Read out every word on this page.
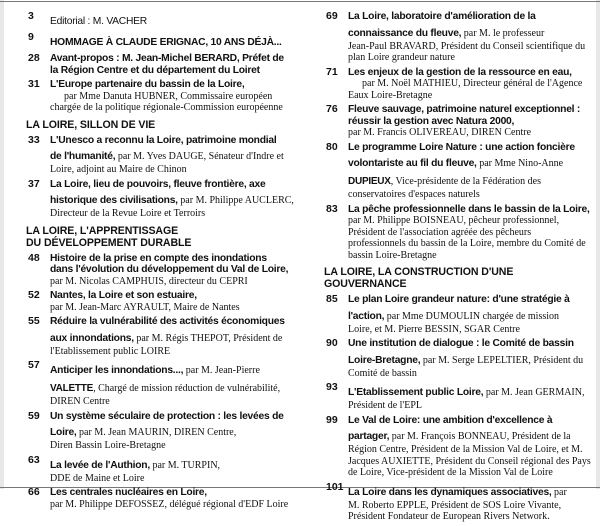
3	Editorial : M. VACHER
9	HOMMAGE À CLAUDE ERIGNAC, 10 ANS DÉJÀ...
28	Avant-propos : M. Jean-Michel BERARD, Préfet de
la Région Centre et du département du Loiret
31	L'Europe partenaire du bassin de la Loire,
par Mme Danuta HUBNER, Commissaire européen
chargée de la politique régionale-Commission européenne
LA LOIRE, SILLON DE VIE
33	L'Unesco a reconnu la Loire, patrimoine mondial
de l'humanité, par M. Yves DAUGE, Sénateur d'Indre et
Loire, adjoint au Maire de Chinon
37	La Loire, lieu de pouvoirs, fleuve frontière, axe
historique des civilisations, par M. Philippe AUCLERC,
Directeur de la Revue Loire et Terroirs
LA LOIRE, L'APPRENTISSAGE
DU DÉVELOPPEMENT DURABLE
48	Histoire de la prise en compte des inondations
dans l'évolution du développement du Val de Loire,
par M. Nicolas CAMPHUIS, directeur du CEPRI
52	Nantes, la Loire et son estuaire,
par M. Jean-Marc AYRAULT, Maire de Nantes
55	Réduire la vulnérabilité des activités économiques
aux innondations, par M. Régis THEPOT, Président de
l'Etablissement public LOIRE
57	Anticiper les innondations..., par M. Jean-Pierre
VALETTE, Chargé de mission réduction de vulnérabilité,
DIREN Centre
59	Un système séculaire de protection : les levées de
Loire, par M. Jean MAURIN, DIREN Centre,
Diren Bassin Loire-Bretagne
63	La levée de l'Authion, par M. TURPIN,
DDE de Maine et Loire
66	Les centrales nucléaires en Loire,
par M. Philippe DEFOSSEZ, délégué régional d'EDF Loire
69	La Loire, laboratoire d'amélioration de la
connaissance du fleuve, par M. le professeur
Jean-Paul BRAVARD, Président du Conseil scientifique du
plan Loire grandeur nature
71	Les enjeux de la gestion de la ressource en eau,
par M. Noël MATHIEU, Directeur général de l'Agence
Eaux Loire-Bretagne
76	Fleuve sauvage, patrimoine naturel exceptionnel :
réussir la gestion avec Natura 2000,
par M. Francis OLIVEREAU, DIREN Centre
80	Le programme Loire Nature : une action foncière
volontariste au fil du fleuve, par Mme Nino-Anne
DUPIEUX, Vice-présidente de la Fédération des
conservatoires d'espaces naturels
83	La pêche professionnelle dans le bassin de la Loire,
par M. Philippe BOISNEAU, pêcheur professionnel,
Président de l'association agréée des pêcheurs
professionnels du bassin de la Loire, membre du Comité de
bassin Loire-Bretagne
LA LOIRE, LA CONSTRUCTION D'UNE GOUVERNANCE
85	Le plan Loire grandeur nature: d'une stratégie à
l'action, par Mme DUMOULIN chargée de mission
Loire, et M. Pierre BESSIN, SGAR Centre
90	Une institution de dialogue : le Comité de bassin
Loire-Bretagne, par M. Serge LEPELTIER, Président du
Comité de bassin
93	L'Etablissement public Loire, par M. Jean GERMAIN,
Président de l'EPL
99	Le Val de Loire: une ambition d'excellence à
partager, par M. François BONNEAU, Président de la
Région Centre, Président de la Mission Val de Loire, et M.
Jacques AUXIETTE, Président du Conseil régional des Pays
de Loire, Vice-président de la Mission Val de Loire
101 La Loire dans les dynamiques associatives, par
M. Roberto EPPLE, Président de SOS Loire Vivante,
Président Fondateur de European Rivers Network.
